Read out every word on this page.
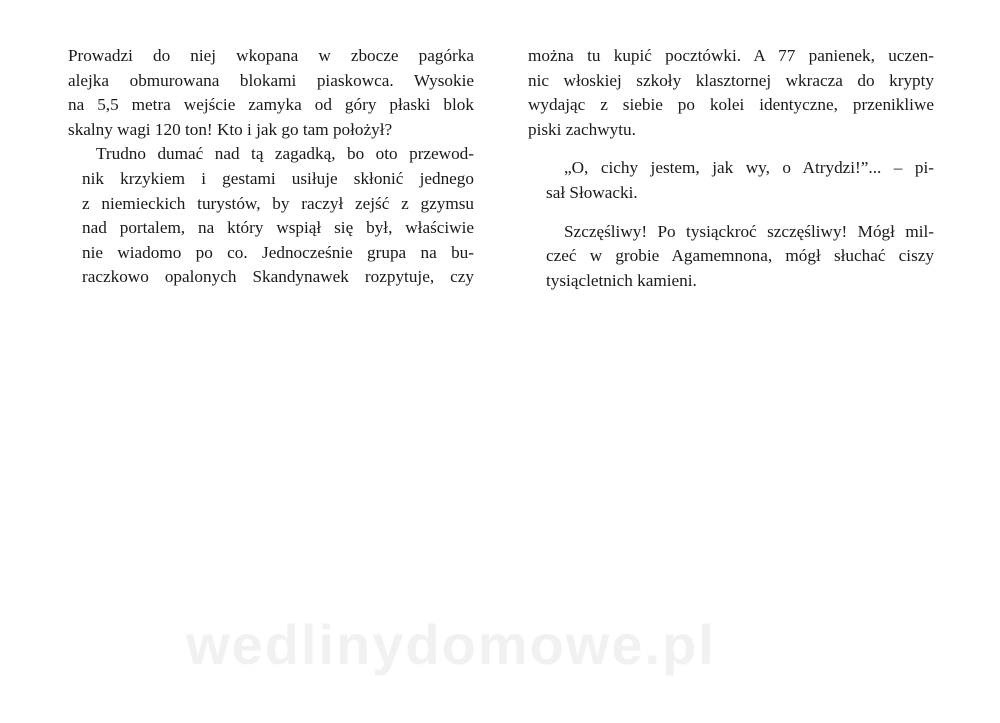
Prowadzi do niej wkopana w zbocze pagórka
alejka obmurowana blokami piaskowca. Wysokie
na 5,5 metra wejście zamyka od góry płaski blok
skalny wagi 120 ton! Kto i jak go tam położył?

Trudno dumać nad tą zagadką, bo oto przewod-
nik krzykiem i gestami usiłuje skłonić jednego
z niemieckich turystów, by raczył zejść z gzymsu
nad portalem, na który wspiął się był, właściwie
nie wiadomo po co. Jednocześnie grupa na bu-
raczkowo opalonych Skandynawek rozpytuje, czy

można tu kupić pocztówki. A 77 panienek, uczen-
nic włoskiej szkoły klasztornej wkracza do krypty
wydając z siebie po kolei identyczne, przenikliwe
piski zachwytu.

„O, cichy jestem, jak wy, o Atrydzi!”... – pi-
sał Słowacki.

Szczęśliwy! Po tysiąckroć szczęśliwy! Mógł mil-
czeć w grobie Agamemnona, mógł słuchać ciszy
tysiącletnich kamieni.

wedlinydomowe.pl
